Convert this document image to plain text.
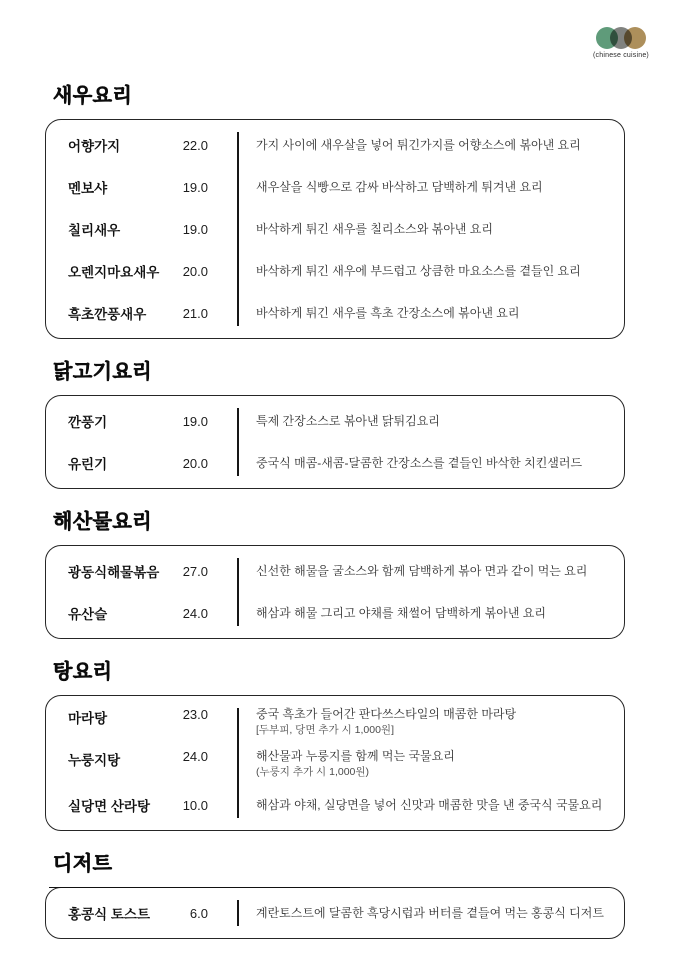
(chinese cuisine)
새우요리
어향가지	22.0	가지 사이에 새우살을 넣어 튀긴가지를 어향소스에 볶아낸 요리
멘보샤	19.0	새우살을 식빵으로 감싸 바삭하고 담백하게 튀겨낸 요리
칠리새우	19.0	바삭하게 튀긴 새우를 칠리소스와 볶아낸 요리
오렌지마요새우	20.0	바삭하게 튀긴 새우에 부드럽고 상큼한 마요소스를 곁들인 요리
흑초깐풍새우	21.0	바삭하게 튀긴 새우를 흑초 간장소스에 볶아낸 요리
닭고기요리
깐풍기	19.0	특제 간장소스로 볶아낸 닭튀김요리
유린기	20.0	중국식 매콤-새콤-달콤한 간장소스를 곁들인 바삭한 치킨샐러드
해산물요리
광동식해물볶음	27.0	신선한 해물을 굴소스와 함께 담백하게 볶아 면과 같이 먹는 요리
유산슬	24.0	해삼과 해물 그리고 야채를 채썰어 담백하게 볶아낸 요리
탕요리
마라탕	23.0	중국 흑초가 들어간 판다쓰스타일의 매콤한 마라탕
[두부피, 당면 추가 시 1,000원]
누룽지탕	24.0	해산물과 누룽지를 함께 먹는 국물요리
(누룽지 추가 시 1,000원)
실당면 산라탕	10.0	해삼과 야채, 실당면을 넣어 신맛과 매콤한 맛을 낸 중국식 국물요리
디저트
홍콩식 토스트	6.0	계란토스트에 달콤한 흑당시럽과 버터를 곁들여 먹는 홍콩식 디저트
